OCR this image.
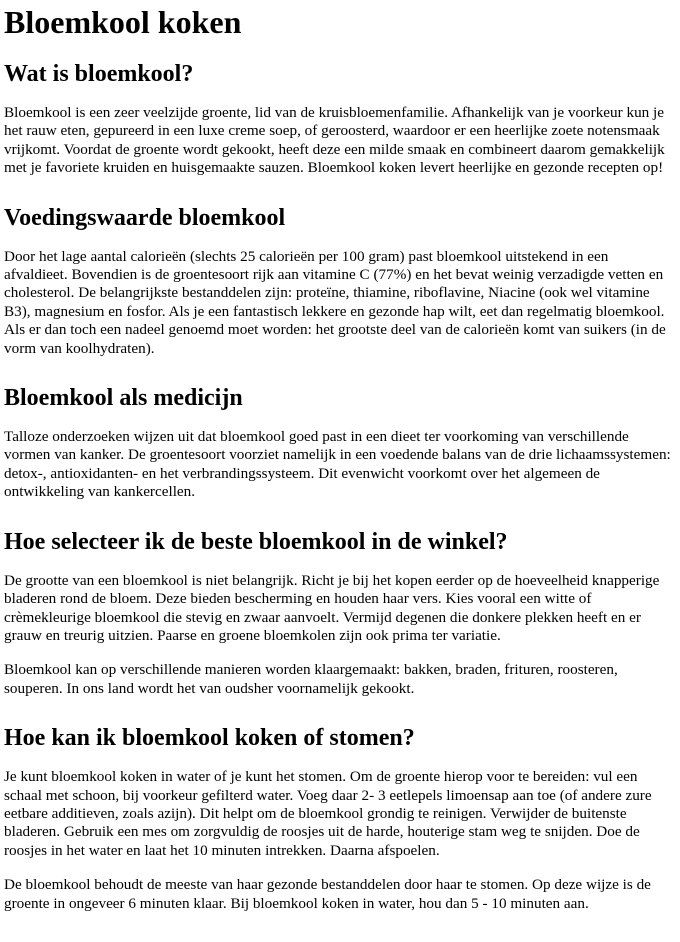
Bloemkool koken
Wat is bloemkool?

Bloemkool is een zeer veelzijde groente, lid van de kruisbloemenfamilie. Afhankelijk van je voorkeur kun je het rauw eten, gepureerd in een luxe creme soep, of geroosterd, waardoor er een heerlijke zoete notensmaak vrijkomt. Voordat de groente wordt gekookt, heeft deze een milde smaak en combineert daarom gemakkelijk met je favoriete kruiden en huisgemaakte sauzen. Bloemkool koken levert heerlijke en gezonde recepten op!

Voedingswaarde bloemkool

Door het lage aantal calorieën (slechts 25 calorieën per 100 gram) past bloemkool uitstekend in een afvaldieet. Bovendien is de groentesoort rijk aan vitamine C (77%) en het bevat weinig verzadigde vetten en cholesterol. De belangrijkste bestanddelen zijn: proteïne, thiamine, riboflavine, Niacine (ook wel vitamine B3), magnesium en fosfor. Als je een fantastisch lekkere en gezonde hap wilt, eet dan regelmatig bloemkool. Als er dan toch een nadeel genoemd moet worden: het grootste deel van de calorieën komt van suikers (in de vorm van koolhydraten).

Bloemkool als medicijn

Talloze onderzoeken wijzen uit dat bloemkool goed past in een dieet ter voorkoming van verschillende vormen van kanker. De groentesoort voorziet namelijk in een voedende balans van de drie lichaamssystemen: detox-, antioxidanten- en het verbrandingssysteem. Dit evenwicht voorkomt over het algemeen de ontwikkeling van kankercellen.

Hoe selecteer ik de beste bloemkool in de winkel?

De grootte van een bloemkool is niet belangrijk. Richt je bij het kopen eerder op de hoeveelheid knapperige bladeren rond de bloem. Deze bieden bescherming en houden haar vers. Kies vooral een witte of crèmekleurige bloemkool die stevig en zwaar aanvoelt. Vermijd degenen die donkere plekken heeft en er grauw en treurig uitzien. Paarse en groene bloemkolen zijn ook prima ter variatie.

Bloemkool kan op verschillende manieren worden klaargemaakt: bakken, braden, frituren, roosteren, souperen. In ons land wordt het van oudsher voornamelijk gekookt.

Hoe kan ik bloemkool koken of stomen?

Je kunt bloemkool koken in water of je kunt het stomen. Om de groente hierop voor te bereiden: vul een schaal met schoon, bij voorkeur gefilterd water. Voeg daar 2- 3 eetlepels limoensap aan toe (of andere zure eetbare additieven, zoals azijn). Dit helpt om de bloemkool grondig te reinigen. Verwijder de buitenste bladeren. Gebruik een mes om zorgvuldig de roosjes uit de harde, houterige stam weg te snijden. Doe de roosjes in het water en laat het 10 minuten intrekken. Daarna afspoelen.

De bloemkool behoudt de meeste van haar gezonde bestanddelen door haar te stomen. Op deze wijze is de groente in ongeveer 6 minuten klaar. Bij bloemkool koken in water, hou dan 5 - 10 minuten aan.
